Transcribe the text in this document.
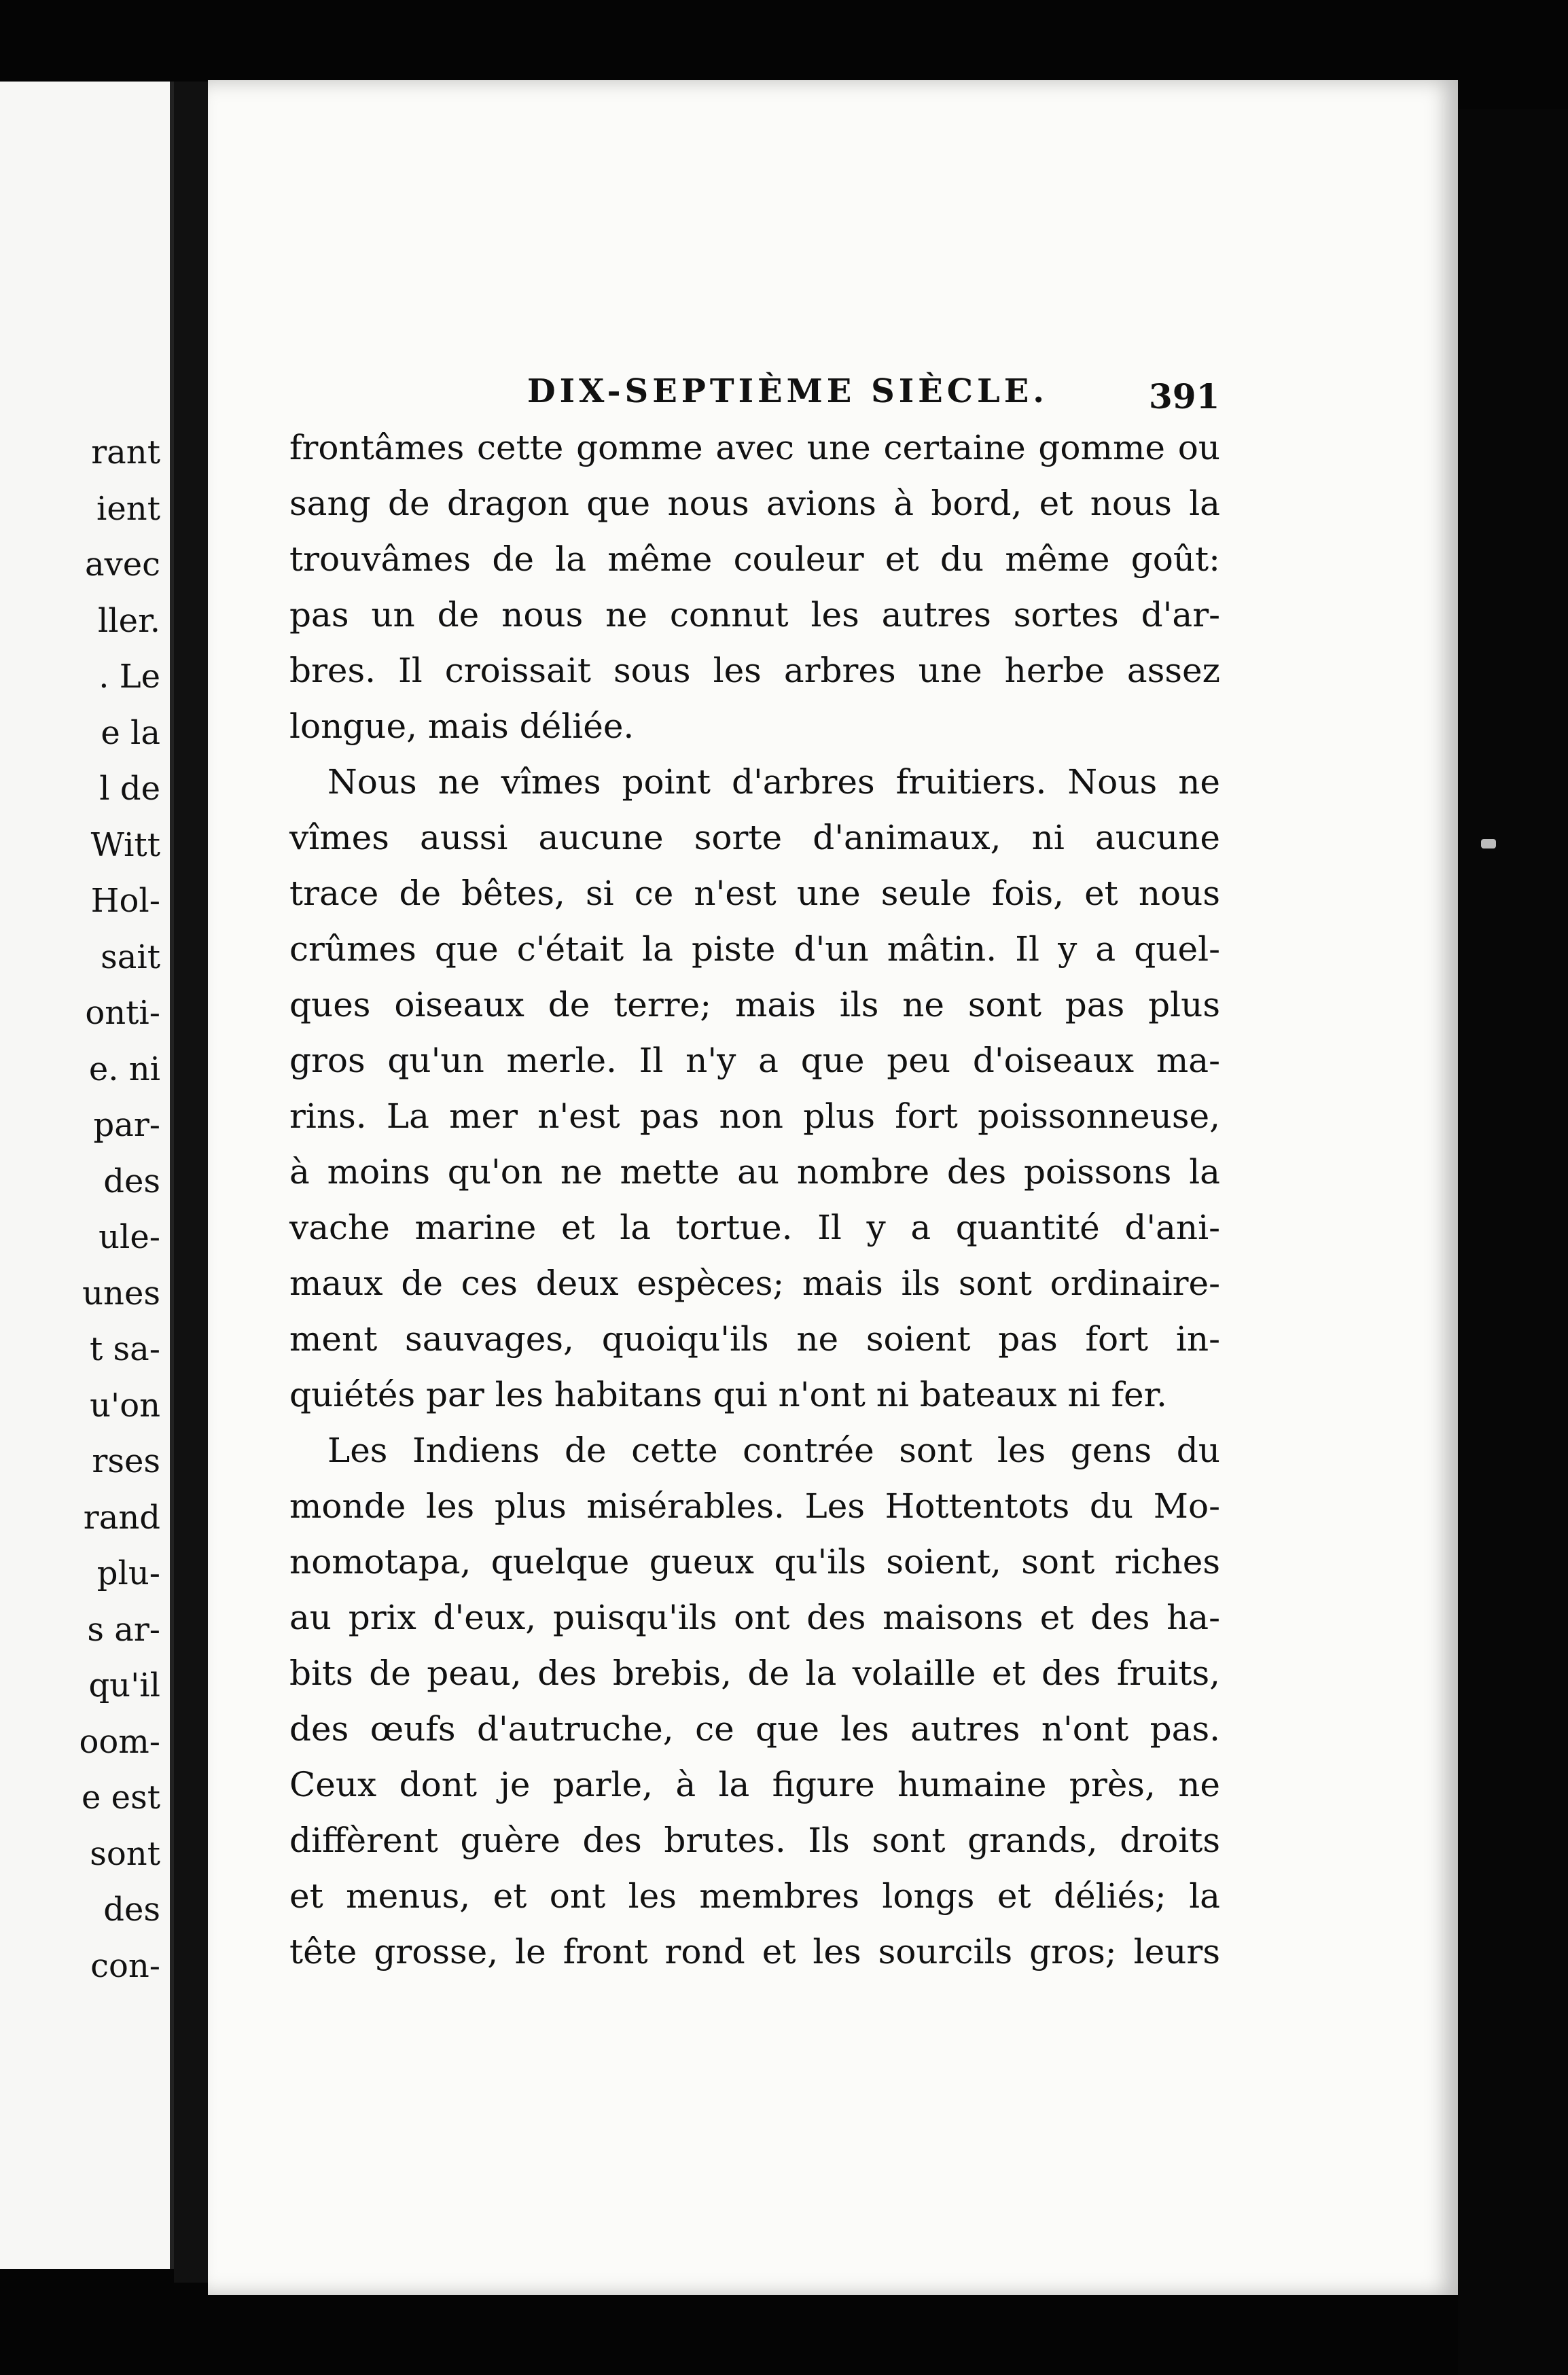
rant
ient
avec
ller.
. Le
e la
l de
Witt
Hol-
sait
onti-
e. ni
par-
des
ule-
unes
t sa-
u'on
rses
rand
plu-
s ar-
qu'il
oom-
e est
sont
des
con-
DIX-SEPTIÈME SIÈCLE.	391
frontâmes cette gomme avec une certaine gomme ou
sang de dragon que nous avions à bord, et nous la
trouvâmes de la même couleur et du même goût:
pas un de nous ne connut les autres sortes d'ar-
bres. Il croissait sous les arbres une herbe assez
longue, mais déliée.
Nous ne vîmes point d'arbres fruitiers. Nous ne
vîmes aussi aucune sorte d'animaux, ni aucune
trace de bêtes, si ce n'est une seule fois, et nous
crûmes que c'était la piste d'un mâtin. Il y a quel-
ques oiseaux de terre; mais ils ne sont pas plus
gros qu'un merle. Il n'y a que peu d'oiseaux ma-
rins. La mer n'est pas non plus fort poissonneuse,
à moins qu'on ne mette au nombre des poissons la
vache marine et la tortue. Il y a quantité d'ani-
maux de ces deux espèces; mais ils sont ordinaire-
ment sauvages, quoiqu'ils ne soient pas fort in-
quiétés par les habitans qui n'ont ni bateaux ni fer.
Les Indiens de cette contrée sont les gens du
monde les plus misérables. Les Hottentots du Mo-
nomotapa, quelque gueux qu'ils soient, sont riches
au prix d'eux, puisqu'ils ont des maisons et des ha-
bits de peau, des brebis, de la volaille et des fruits,
des œufs d'autruche, ce que les autres n'ont pas.
Ceux dont je parle, à la figure humaine près, ne
diffèrent guère des brutes. Ils sont grands, droits
et menus, et ont les membres longs et déliés; la
tête grosse, le front rond et les sourcils gros; leurs
